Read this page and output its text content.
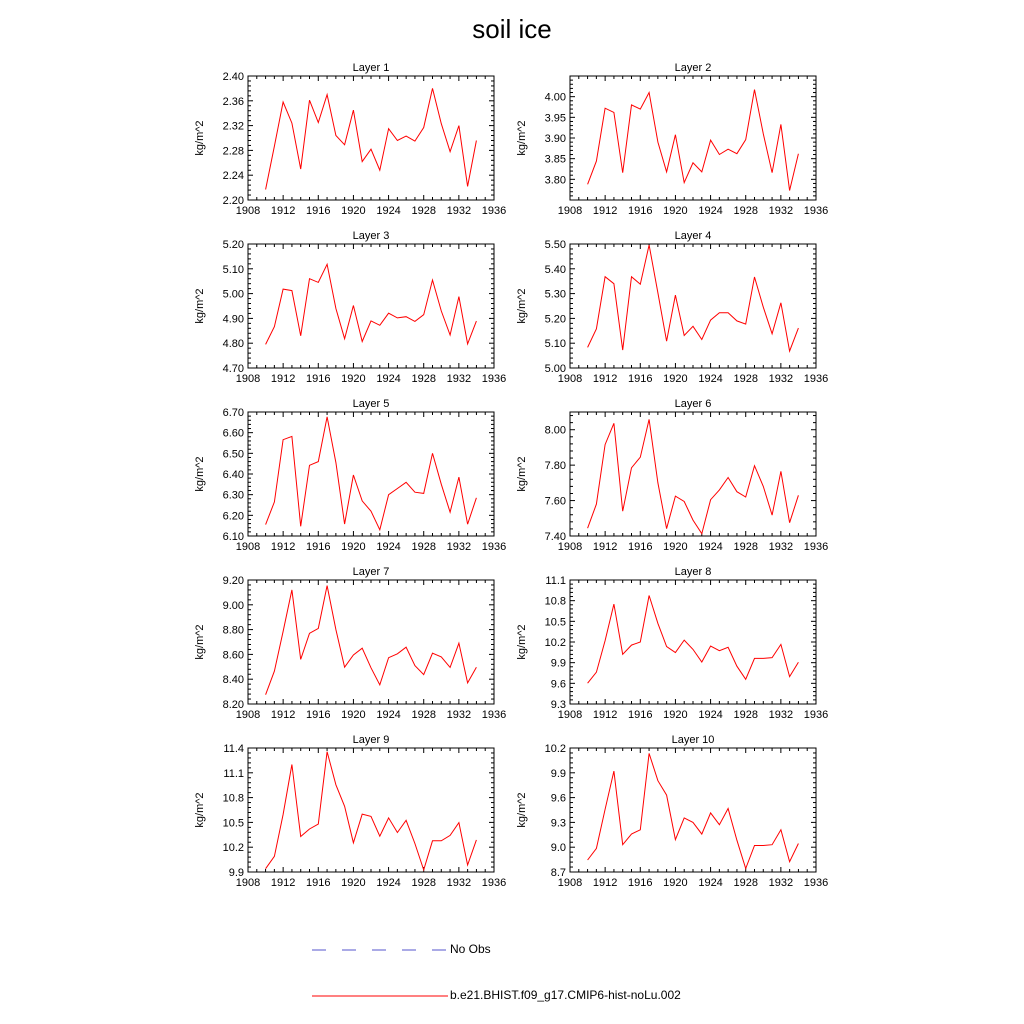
soil ice
Layer 1
kg/m^2
1908 1912 1916 1920 1924 1928 1932 1936
2.20
2.24
2.28
2.32
2.36
2.40
Layer 2
kg/m^2
1908 1912 1916 1920 1924 1928 1932 1936
3.80
3.85
3.90
3.95
4.00
Layer 3
kg/m^2
1908 1912 1916 1920 1924 1928 1932 1936
4.70
4.80
4.90
5.00
5.10
5.20
Layer 4
kg/m^2
1908 1912 1916 1920 1924 1928 1932 1936
5.00
5.10
5.20
5.30
5.40
5.50
Layer 5
kg/m^2
1908 1912 1916 1920 1924 1928 1932 1936
6.10
6.20
6.30
6.40
6.50
6.60
6.70
Layer 6
kg/m^2
1908 1912 1916 1920 1924 1928 1932 1936
7.40
7.60
7.80
8.00
Layer 7
kg/m^2
1908 1912 1916 1920 1924 1928 1932 1936
8.20
8.40
8.60
8.80
9.00
9.20
Layer 8
kg/m^2
1908 1912 1916 1920 1924 1928 1932 1936
9.3
9.6
9.9
10.2
10.5
10.8
11.1
Layer 9
kg/m^2
1908 1912 1916 1920 1924 1928 1932 1936
9.9
10.2
10.5
10.8
11.1
11.4
Layer 10
kg/m^2
1908 1912 1916 1920 1924 1928 1932 1936
8.7
9.0
9.3
9.6
9.9
10.2
No Obs
b.e21.BHIST.f09_g17.CMIP6-hist-noLu.002
